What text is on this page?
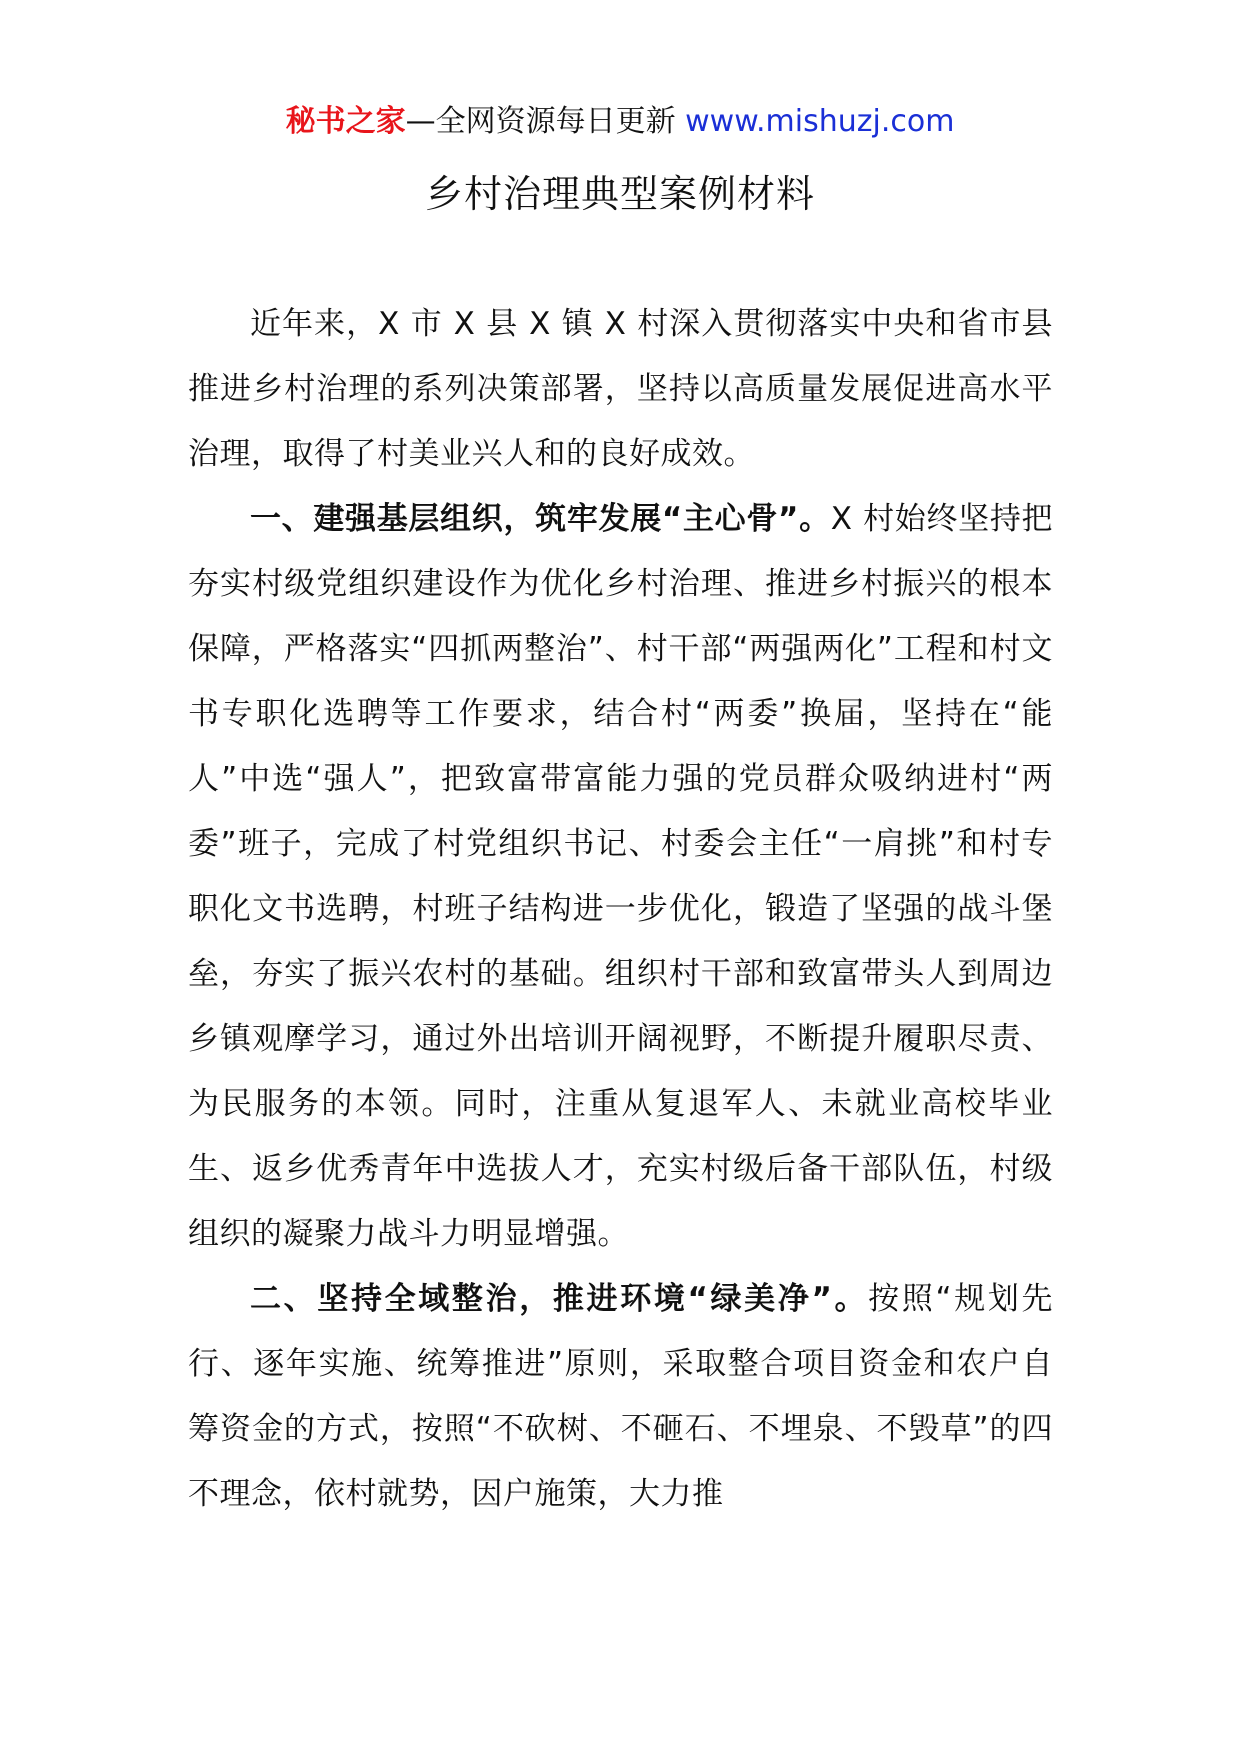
秘书之家—全网资源每日更新 www.mishuzj.com
乡村治理典型案例材料

近年来，X 市 X 县 X 镇 X 村深入贯彻落实中央和省市县推进乡村治理的系列决策部署，坚持以高质量发展促进高水平治理，取得了村美业兴人和的良好成效。

一、建强基层组织，筑牢发展“主心骨”。X 村始终坚持把夯实村级党组织建设作为优化乡村治理、推进乡村振兴的根本保障，严格落实“四抓两整治”、村干部“两强两化”工程和村文书专职化选聘等工作要求，结合村“两委”换届，坚持在“能人”中选“强人”，把致富带富能力强的党员群众吸纳进村“两委”班子，完成了村党组织书记、村委会主任“一肩挑”和村专职化文书选聘，村班子结构进一步优化，锻造了坚强的战斗堡垒，夯实了振兴农村的基础。组织村干部和致富带头人到周边乡镇观摩学习，通过外出培训开阔视野，不断提升履职尽责、为民服务的本领。同时，注重从复退军人、未就业高校毕业生、返乡优秀青年中选拔人才，充实村级后备干部队伍，村级组织的凝聚力战斗力明显增强。

二、坚持全域整治，推进环境“绿美净”。按照“规划先行、逐年实施、统筹推进”原则，采取整合项目资金和农户自筹资金的方式，按照“不砍树、不砸石、不埋泉、不毁草”的四不理念，依村就势，因户施策，大力推
